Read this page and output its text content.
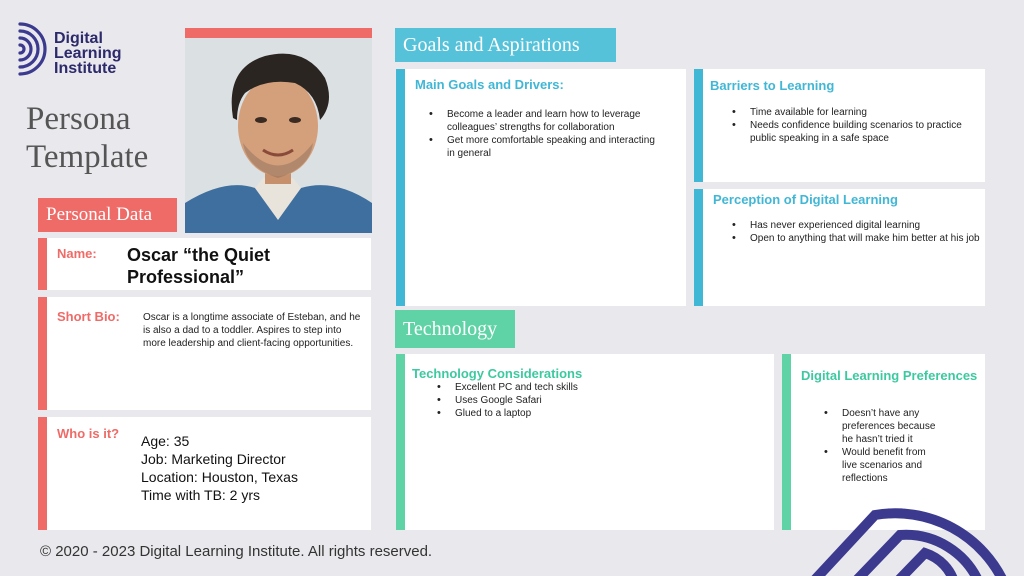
Digital
Learning
Institute
Persona
Template
Personal Data
Name: Oscar “the Quiet Professional”
Short Bio: Oscar is a longtime associate of Esteban, and he is also a dad to a toddler. Aspires to step into more leadership and client-facing opportunities.
Who is it? Age: 35
Job: Marketing Director
Location: Houston, Texas
Time with TB: 2 yrs
Goals and Aspirations
Main Goals and Drivers:
• Become a leader and learn how to leverage colleagues’ strengths for collaboration
• Get more comfortable speaking and interacting in general
Barriers to Learning
• Time available for learning
• Needs confidence building scenarios to practice public speaking in a safe space
Perception of Digital Learning
• Has never experienced digital learning
• Open to anything that will make him better at his job
Technology
Technology Considerations
• Excellent PC and tech skills
• Uses Google Safari
• Glued to a laptop
Digital Learning Preferences
• Doesn’t have any preferences because he hasn’t tried it
• Would benefit from live scenarios and reflections
© 2020 - 2023 Digital Learning Institute. All rights reserved.
